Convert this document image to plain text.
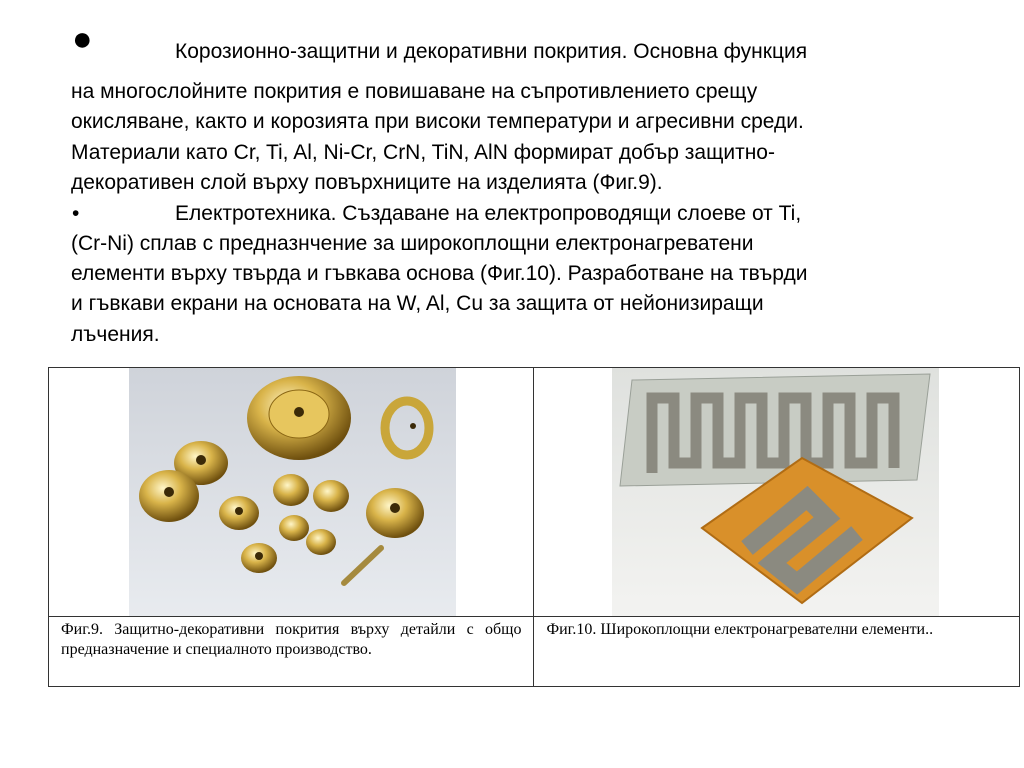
●	Корозионно-защитни и декоративни покрития. Основна функция
на многослойните покрития е повишаване на съпротивлението срещу
окисляване, както и корозията при високи температури и агресивни среди.
Материали като Cr, Ti, Al, Ni-Cr, CrN, TiN, AlN формират добър защитно-
декоративен слой върху повърхниците на изделията (Фиг.9).
•	Електротехника. Създаване на електропроводящи слоеве от Ti,
(Cr-Ni) сплав с предназнчение за широкоплощни електронагреватени
елементи върху твърда и гъвкава основа (Фиг.10). Разработване на твърди
и гъвкави екрани на основата на W, Al, Cu за защита от нейонизиращи
лъчения.

Фиг.9. Защитно-декоративни покрития върху детайли с общо предназначение и специалното производство.	Фиг.10. Широкоплощни електронагревателни елементи..
